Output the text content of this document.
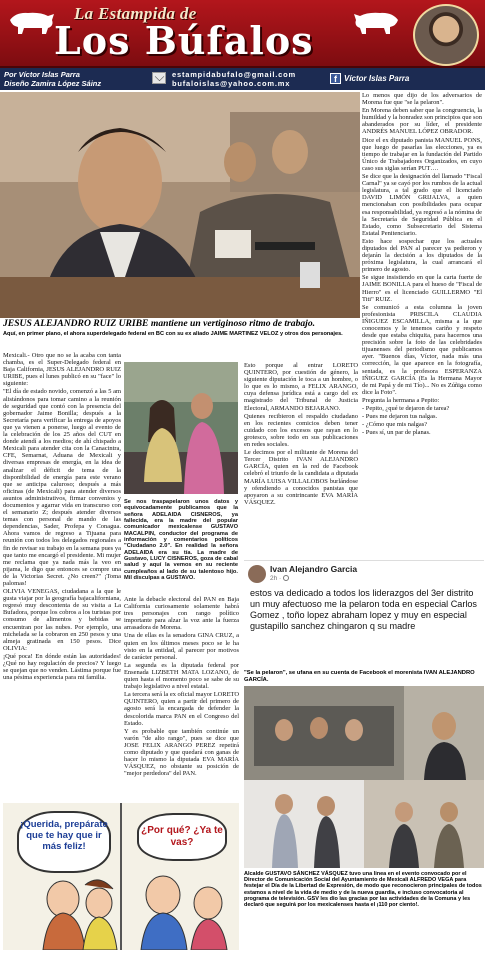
La Estampida de
Los Búfalos
Por Víctor Islas Parra
Diseño Zamira López Sáinz
estampidabufalo@gmail.com
bufaloislas@yahoo.com.mx	f Víctor Islas Parra
JESUS ALEJANDRO RUIZ URIBE mantiene un vertiginoso ritmo de trabajo.
Aquí, en primer plano, el ahora superdelegado federal en BC con su ex aliado JAIME MARTINEZ VELOZ y otros dos personajes.

Mexicali.- Otro que no se la acaba con tanta chamba, es el Super-Delegado federal en Baja California, JESUS ALEJANDRO RUIZ URIBE, pues el lunes publicó en su "face" lo siguiente:

"El día de estado novido, comenzó a las 5 am alistándonos para tomar camino a la reunión de seguridad que contó con la presencia del gobernador Jaime Bonilla; después a la Secretaría para verificar la entrega de apoyos que ya vienen a ponerse, luego al evento de la celebración de los 25 años del CUT en donde atendí a los medios; de ahí chispado a Mexicali para atender cita con la Canacintra, CFE, Semarnat, Aduana de Mexicali y diversas empresas de energía, en la idea de analizar el déficit de tema de la disponibilidad de energía para este verano que se anticipa caluroso; después a más oficinas (de Mexicali) para atender diversos asuntos administrativos, firmar convenios y documentos y agarrar vida en transcurso con el semanario Z; después atender diversos temas con personal de mando de las dependencias, Sader, Profepa y Conagua. Ahora vamos de regreso a Tijuana para reunión con todos los delegados regionales a fin de revisar su trabajo en la semana pues ya que tanto me encargó el presidente. Mi mujer me reclama que ya nada más la veo en pijama, le digo que entonces se compre una de la Victorias Secret. ¿No creen?" ¡Toma palomas!

OLIVIA VENEGAS, ciudadana a la que le gusta viajar por la geografía bajacaliforniana, regresó muy descontenta de su visita a La Bufadora, porque los cobros a los turistas por consumo de alimentos y bebidas se encuentran por las nubes. Por ejemplo, una michelada se la cobraron en 250 pesos y una almeja gratinada en 150 pesos. Dice OLIVIA:

¡Qué poca! En dónde están las autoridades! ¿Qué no hay regulación de precios? Y luego se quejan que no venden. Lástima porque fue una pésima experiencia para mi familia.

Se nos traspapelaron unos datos y equivocadamente publicamos que la señora ADELAIDA CISNEROS, ya fallecida, era la madre del popular comunicador mexicalense GUSTAVO MACALPIN, conductor del programa de información y comentarios políticos "Ciudadano 2.0". En realidad la señora ADELAIDA era su tía. La madre de Gustavo, LUCY CISNEROS, goza de cabal salud y aquí la vemos en su reciente cumpleaños al lado de su talentoso hijo. Mil disculpas a GUSTAVO.

Esto porque al entrar LORETO QUINTERO, por cuestión de género, la siguiente diputación le toca a un hombre, o lo que es lo mismo, a FELIX ARANGO, cuya defensa jurídica está a cargo del ex magistrado del Tribunal de Justicia Electoral, ARMANDO BEJARANO.

Quienes recibieron el respaldo ciudadano en los recientes comicios deben tener cuidado con los excesos que rayan en lo grotesco, sobre todo en sus publicaciones en redes sociales.

Le decimos por el militante de Morena del Tercer Distrito IVAN ALEJANDRO GARCÍA, quien en la red de Facebook celebró el triunfo de la candidata a diputada MARÍA LUISA VILLALOBOS burlándose y ofendiendo a conocidos panistas que apoyaron a su contrincante EVA MARÍA VÁSQUEZ.

Ante la debacle electoral del PAN en Baja California curiosamente solamente habrá tres personajes con rango político importante para alzar la voz ante la fuerza arrasadora de Morena.

Una de ellas es la senadora GINA CRUZ, a quien en los últimos meses poco se le ha visto en la entidad, al parecer por motivos de carácter personal.

La segunda es la diputada federal por Ensenada LIZBETH MATA LOZANO, de quien hasta el momento poco se sabe de su trabajo legislativo a nivel estatal.

La tercera será la ex oficial mayor LORETO QUINTERO, quien a partir del primero de agosto será la encargada de defender la descolorida marca PAN en el Congreso del Estado.

Y es probable que también continúe un varón "de alto rango", pues se dice que JOSE FELIX ARANGO PEREZ repetirá como diputado y que quedará con ganas de hacer lo mismo la diputada EVA MARÍA VÁSQUEZ, no obstante su posición de "mejor perdedora" del PAN.

Lo menos que dijo de los adversarios de Morena fue que "se la pelaron".

En Morena deben saber que la congruencia, la humildad y la honradez son principios que son abanderados por su líder, el presidente ANDRÉS MANUEL LÓPEZ OBRADOR.

Dice el ex diputado panista MANUEL PONS, que luego de pasarlas las elecciones, ya es tiempo de trabajar en la fundación del Partido Único de Trabajadores Organizados, en cuyo caso sus siglas serían PUT….

Se dice que la designación del llamado "Fiscal Carnal" ya se cayó por los rumbos de la actual legislatura, a tal grado que el licenciado DAVID LIMÓN GRIJALVA, a quien mencionaban con posibilidades para ocupar esa responsabilidad, ya regresó a la nómina de la Secretaría de Seguridad Pública en el Estado, como Subsecretario del Sistema Estatal Penitenciario.

Esto hace sospechar que los actuales diputados del PAN al parecer ya pedieron y dejarán la decisión a los diputados de la próxima legislatura, la cual arrancará el primero de agosto.

Se sigue insistiendo en que la carta fuerte de JAIME BONILLA para el hueso de "Fiscal de Hierro" es el licenciado GUILLERMO "El Titi" RUIZ.

Se comunicó a esta columna la joven profesionista PRISCILA CLAUDIA IÑIGUEZ ESCAMILLA, misma a la que conocemos y le tenemos cariño y respeto desde que estaba chiquita, para hacernos una precisión sobre la foto de las celebridades tijuanenses del periodismo que publicamos ayer. "Buenos días, Víctor, nada más una corrección, la que aparece en la fotografía, sentada, es la profesora ESPERANZA IÑIGUEZ GARCÍA (Es la Hermana Mayor de mi Papá y de mi Tío)... No es Zúñiga como dice la Foto".

Pregunta la hermana a Pepito:

- Pepito, ¿qué te dejaron de tarea?

- Pues me dejaron tus nalgas.

- ¿Cómo que mis nalgas?

- Pues sí, un par de planas.

Ivan Alejandro Garcia
2h ·
estos va dedicado a todos los liderazgos del 3er distrito un muy afectuoso me la pelaron toda en especial Carlos Gomez , toño lopez abraham lopez y muy en especial gustapillo sanchez chingaron q su madre
"Se la pelaron", se ufana en su cuenta de Facebook el morenista IVAN ALEJANDRO GARCÍA.
Alcalde GUSTAVO SÁNCHEZ VÁSQUEZ tuvo una linea en el evento convocado por el Director de Comunicación Social del Ayuntamiento de Mexicali ALFREDO VEGA para festejar el Día de la Libertad de Expresión, de modo que reconocieron principales de todos estamos a nivel de la vida de medio y de la nueva guardia, e incluso convocatoria al programa de televisión. GSV les dio las gracias por las actividades de la Comuna y les declaró que seguirá por los mexicalenses hasta el ¡110 por ciento!.
¡Querida, prepárate que te hay que ir más feliz!
¿Por qué? ¿Ya te vas?
